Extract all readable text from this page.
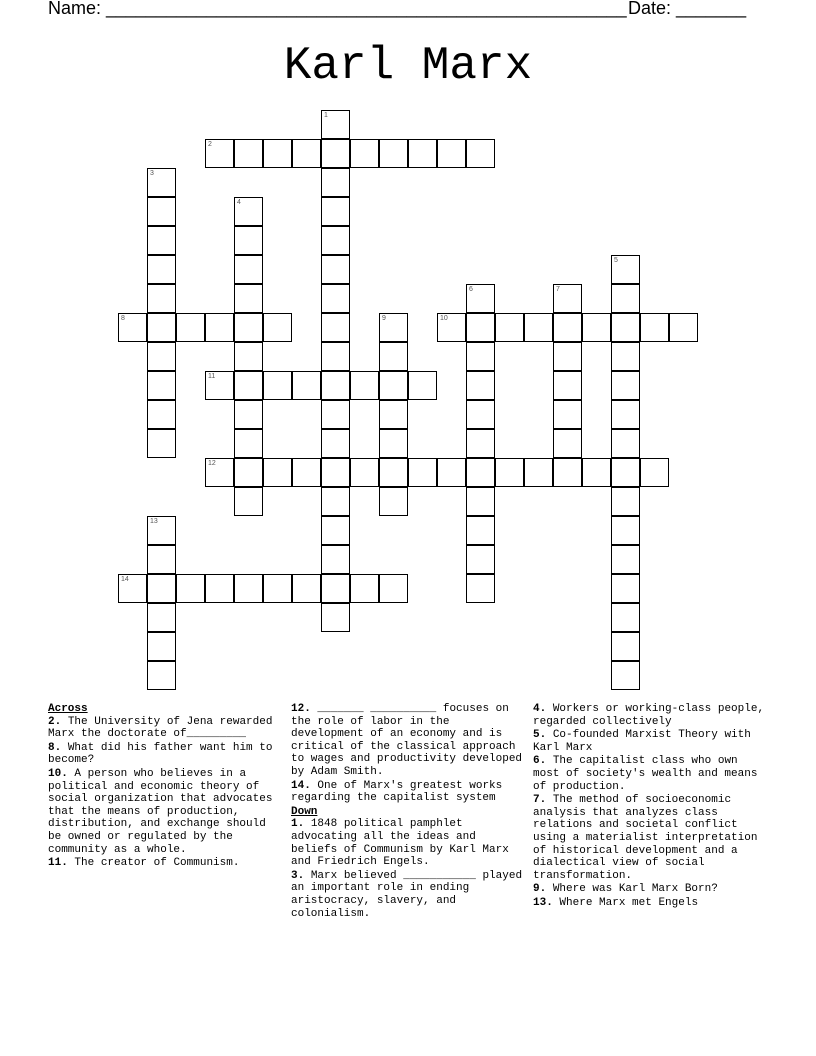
Name: ____________________________________________________ Date: _______
Karl Marx
2
8	10
11
12
14
1
3
4
5
6	7
9
13
Across
2. The University of Jena rewarded Marx the doctorate of_________
8. What did his father want him to become?
10. A person who believes in a political and economic theory of social organization that advocates that the means of production, distribution, and exchange should be owned or regulated by the community as a whole.
11. The creator of Communism.
12. _______ __________ focuses on the role of labor in the development of an economy and is critical of the classical approach to wages and productivity developed by Adam Smith.
14. One of Marx's greatest works regarding the capitalist system
Down
1. 1848 political pamphlet advocating all the ideas and beliefs of Communism by Karl Marx and Friedrich Engels.
3. Marx believed ___________ played an important role in ending aristocracy, slavery, and colonialism.
4. Workers or working-class people, regarded collectively
5. Co-founded Marxist Theory with Karl Marx
6. The capitalist class who own most of society's wealth and means of production.
7. The method of socioeconomic analysis that analyzes class relations and societal conflict using a materialist interpretation of historical development and a dialectical view of social transformation.
9. Where was Karl Marx Born?
13. Where Marx met Engels
